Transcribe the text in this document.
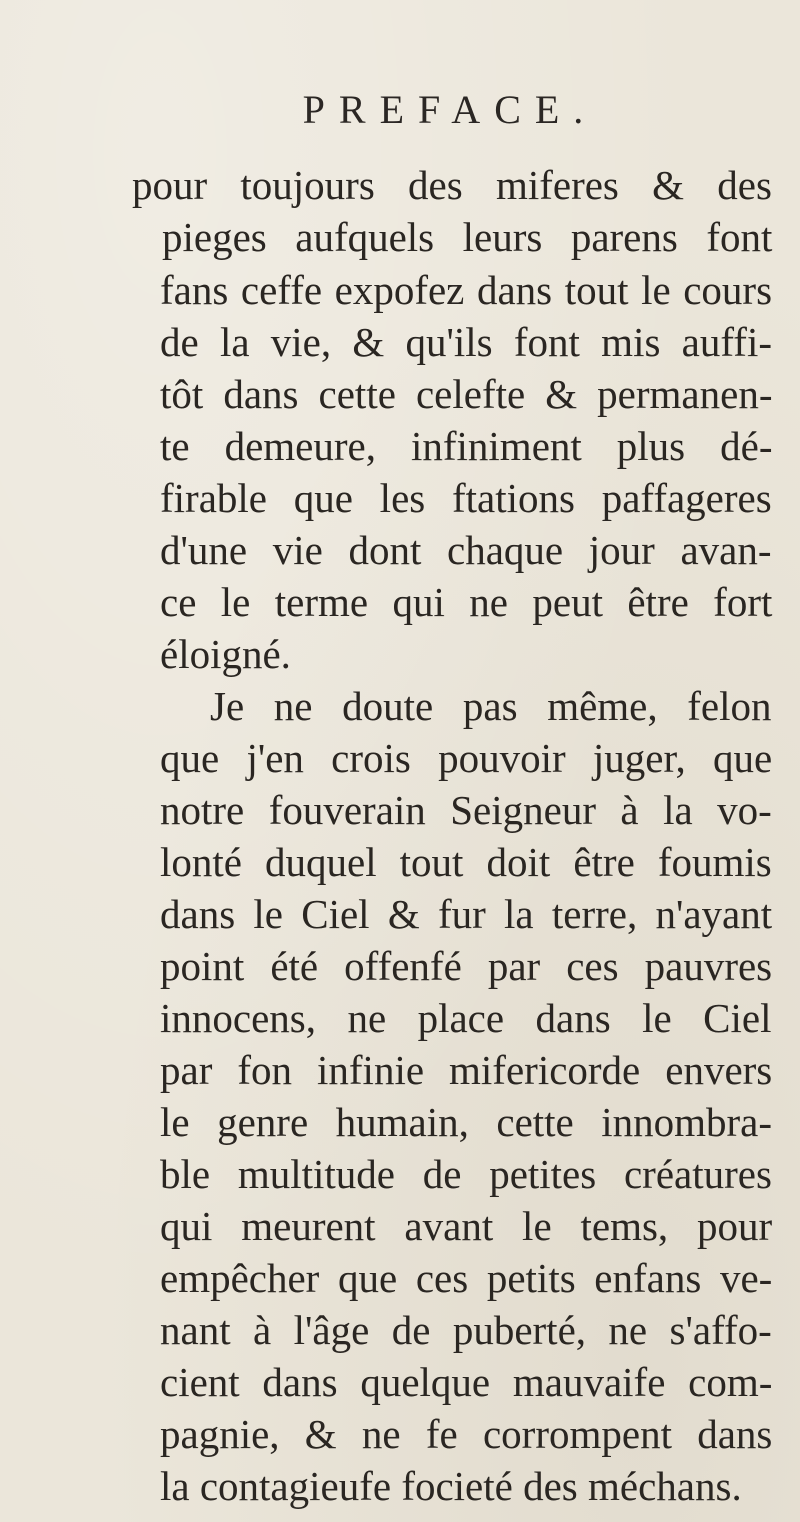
PREFACE.
pour toujours des miferes & des
pieges aufquels leurs parens font
fans ceffe expofez dans tout le cours
de la vie, & qu'ils font mis auffi-
tôt dans cette celefte & permanen-
te demeure, infiniment plus dé-
firable que les ftations paffageres
d'une vie dont chaque jour avan-
ce le terme qui ne peut être fort
éloigné.
Je ne doute pas même, felon
que j'en crois pouvoir juger, que
notre fouverain Seigneur à la vo-
lonté duquel tout doit être foumis
dans le Ciel & fur la terre, n'ayant
point été offenfé par ces pauvres
innocens, ne place dans le Ciel
par fon infinie mifericorde envers
le genre humain, cette innombra-
ble multitude de petites créatures
qui meurent avant le tems, pour
empêcher que ces petits enfans ve-
nant à l'âge de puberté, ne s'affo-
cient dans quelque mauvaife com-
pagnie, & ne fe corrompent dans
la contagieufe focieté des méchans.
